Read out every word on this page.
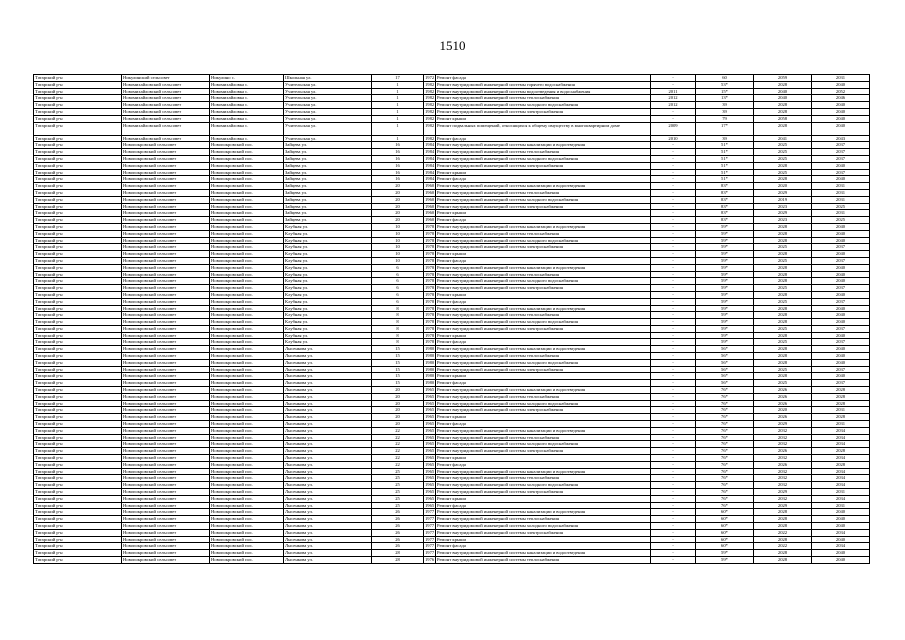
1510
Татарский р-н	Никулинский сельсовет	Никулино с.	Школьная ул.	17	1972	Ремонт фасада	-	60	2059	2031
Татарский р-н	Новомихайловский сельсовет	Новомихайловка с.	Учительская ул.	1	1982	Ремонт внутридомовой инженерной системы горячего водоснабжения	-	53*	2028	2040
Татарский р-н	Новомихайловский сельсовет	Новомихайловка с.	Учительская ул.	1	1982	Ремонт внутридомовой инженерной системы водоотведения и водоснабжения	2011	15*	2040	2052
Татарский р-н	Новомихайловский сельсовет	Новомихайловка с.	Учительская ул.	1	1982	Ремонт внутридомовой инженерной системы теплоснабжения	2012	13*	2040	2046
Татарский р-н	Новомихайловский сельсовет	Новомихайловка с.	Учительская ул.	1	1982	Ремонт внутридомовой инженерной системы холодного водоснабжения	2012	39	2028	2040
Татарский р-н	Новомихайловский сельсовет	Новомихайловка с.	Учительская ул.	1	1982	Ремонт внутридомовой инженерной системы электроснабжения	-	39	2028	2040
Татарский р-н	Новомихайловский сельсовет	Новомихайловка с.	Учительская ул.	1	1982	Ремонт крыши	-	79	2058	2040
Татарский р-н	Новомихайловский сельсовет	Новомихайловка с.	Учительская ул.	1	1982	Ремонт подвальных помещений, относящихся к общему имуществу в многоквартирном доме	2009	17*	2028	2040
Татарский р-н	Новомихайловский сельсовет	Новомихайловка с.	Учительская ул.	1	1982	Ремонт фасада	2010	39	2041	2043
Татарский р-н	Новопокровский сельсовет	Новопокровский пос.	Зайцева ул.	16	1984	Ремонт внутридомовой инженерной системы канализации и водоотведения	-	51*	2025	2037
Татарский р-н	Новопокровский сельсовет	Новопокровский пос.	Зайцева ул.	16	1984	Ремонт внутридомовой инженерной системы теплоснабжения	-	51*	2025	2037
Татарский р-н	Новопокровский сельсовет	Новопокровский пос.	Зайцева ул.	16	1984	Ремонт внутридомовой инженерной системы холодного водоснабжения	-	51*	2025	2037
Татарский р-н	Новопокровский сельсовет	Новопокровский пос.	Зайцева ул.	16	1984	Ремонт внутридомовой инженерной системы электроснабжения	-	51*	2028	2040
Татарский р-н	Новопокровский сельсовет	Новопокровский пос.	Зайцева ул.	16	1984	Ремонт крыши	-	51*	2025	2037
Татарский р-н	Новопокровский сельсовет	Новопокровский пос.	Зайцева ул.	16	1984	Ремонт фасада	-	51*	2028	2040
Татарский р-н	Новопокровский сельсовет	Новопокровский пос.	Зайцева ул.	20	1960	Ремонт внутридомовой инженерной системы канализации и водоотведения	-	83*	2020	2031
Татарский р-н	Новопокровский сельсовет	Новопокровский пос.	Зайцева ул.	20	1960	Ремонт внутридомовой инженерной системы теплоснабжения	-	83*	2029	2031
Татарский р-н	Новопокровский сельсовет	Новопокровский пос.	Зайцева ул.	20	1960	Ремонт внутридомовой инженерной системы холодного водоснабжения	-	83*	2019	2031
Татарский р-н	Новопокровский сельсовет	Новопокровский пос.	Зайцева ул.	20	1960	Ремонт внутридомовой инженерной системы электроснабжения	-	83*	2023	2025
Татарский р-н	Новопокровский сельсовет	Новопокровский пос.	Зайцева ул.	20	1960	Ремонт крыши	-	83*	2029	2031
Татарский р-н	Новопокровский сельсовет	Новопокровский пос.	Зайцева ул.	20	1960	Ремонт фасада	-	83*	2023	2025
Татарский р-н	Новопокровский сельсовет	Новопокровский пос.	Клубная ул.	10	1978	Ремонт внутридомовой инженерной системы канализации и водоотведения	-	59*	2028	2040
Татарский р-н	Новопокровский сельсовет	Новопокровский пос.	Клубная ул.	10	1978	Ремонт внутридомовой инженерной системы теплоснабжения	-	59*	2028	2040
Татарский р-н	Новопокровский сельсовет	Новопокровский пос.	Клубная ул.	10	1978	Ремонт внутридомовой инженерной системы холодного водоснабжения	-	59*	2028	2040
Татарский р-н	Новопокровский сельсовет	Новопокровский пос.	Клубная ул.	10	1978	Ремонт внутридомовой инженерной системы электроснабжения	-	59*	2025	2037
Татарский р-н	Новопокровский сельсовет	Новопокровский пос.	Клубная ул.	10	1978	Ремонт крыши	-	59*	2028	2040
Татарский р-н	Новопокровский сельсовет	Новопокровский пос.	Клубная ул.	10	1978	Ремонт фасада	-	59*	2025	2037
Татарский р-н	Новопокровский сельсовет	Новопокровский пос.	Клубная ул.	6	1978	Ремонт внутридомовой инженерной системы канализации и водоотведения	-	59*	2028	2040
Татарский р-н	Новопокровский сельсовет	Новопокровский пос.	Клубная ул.	6	1978	Ремонт внутридомовой инженерной системы теплоснабжения	-	59*	2028	2040
Татарский р-н	Новопокровский сельсовет	Новопокровский пос.	Клубная ул.	6	1978	Ремонт внутридомовой инженерной системы холодного водоснабжения	-	59*	2028	2040
Татарский р-н	Новопокровский сельсовет	Новопокровский пос.	Клубная ул.	6	1978	Ремонт внутридомовой инженерной системы электроснабжения	-	59*	2025	2037
Татарский р-н	Новопокровский сельсовет	Новопокровский пос.	Клубная ул.	6	1978	Ремонт крыши	-	59*	2028	2040
Татарский р-н	Новопокровский сельсовет	Новопокровский пос.	Клубная ул.	6	1978	Ремонт фасада	-	59*	2025	2037
Татарский р-н	Новопокровский сельсовет	Новопокровский пос.	Клубная ул.	8	1978	Ремонт внутридомовой инженерной системы канализации и водоотведения	-	59*	2028	2040
Татарский р-н	Новопокровский сельсовет	Новопокровский пос.	Клубная ул.	8	1978	Ремонт внутридомовой инженерной системы теплоснабжения	-	59*	2028	2040
Татарский р-н	Новопокровский сельсовет	Новопокровский пос.	Клубная ул.	8	1978	Ремонт внутридомовой инженерной системы холодного водоснабжения	-	59*	2028	2040
Татарский р-н	Новопокровский сельсовет	Новопокровский пос.	Клубная ул.	8	1978	Ремонт внутридомовой инженерной системы электроснабжения	-	59*	2025	2037
Татарский р-н	Новопокровский сельсовет	Новопокровский пос.	Клубная ул.	8	1978	Ремонт крыши	-	59*	2028	2040
Татарский р-н	Новопокровский сельсовет	Новопокровский пос.	Клубная ул.	8	1978	Ремонт фасада	-	59*	2025	2037
Татарский р-н	Новопокровский сельсовет	Новопокровский пос.	Лысенкова ул.	15	1980	Ремонт внутридомовой инженерной системы канализации и водоотведения	-	56*	2028	2040
Татарский р-н	Новопокровский сельсовет	Новопокровский пос.	Лысенкова ул.	15	1980	Ремонт внутридомовой инженерной системы теплоснабжения	-	56*	2028	2040
Татарский р-н	Новопокровский сельсовет	Новопокровский пос.	Лысенкова ул.	15	1980	Ремонт внутридомовой инженерной системы холодного водоснабжения	-	56*	2028	2040
Татарский р-н	Новопокровский сельсовет	Новопокровский пос.	Лысенкова ул.	15	1980	Ремонт внутридомовой инженерной системы электроснабжения	-	56*	2025	2037
Татарский р-н	Новопокровский сельсовет	Новопокровский пос.	Лысенкова ул.	15	1980	Ремонт крыши	-	56*	2028	2040
Татарский р-н	Новопокровский сельсовет	Новопокровский пос.	Лысенкова ул.	15	1980	Ремонт фасада	-	56*	2025	2037
Татарский р-н	Новопокровский сельсовет	Новопокровский пос.	Лысенкова ул.	20	1965	Ремонт внутридомовой инженерной системы канализации и водоотведения	-	76*	2026	2028
Татарский р-н	Новопокровский сельсовет	Новопокровский пос.	Лысенкова ул.	20	1965	Ремонт внутридомовой инженерной системы теплоснабжения	-	76*	2026	2028
Татарский р-н	Новопокровский сельсовет	Новопокровский пос.	Лысенкова ул.	20	1965	Ремонт внутридомовой инженерной системы холодного водоснабжения	-	76*	2026	2028
Татарский р-н	Новопокровский сельсовет	Новопокровский пос.	Лысенкова ул.	20	1965	Ремонт внутридомовой инженерной системы электроснабжения	-	76*	2020	2031
Татарский р-н	Новопокровский сельсовет	Новопокровский пос.	Лысенкова ул.	20	1965	Ремонт крыши	-	76*	2026	2028
Татарский р-н	Новопокровский сельсовет	Новопокровский пос.	Лысенкова ул.	20	1965	Ремонт фасада	-	76*	2029	2031
Татарский р-н	Новопокровский сельсовет	Новопокровский пос.	Лысенкова ул.	22	1965	Ремонт внутридомовой инженерной системы канализации и водоотведения	-	76*	2032	2034
Татарский р-н	Новопокровский сельсовет	Новопокровский пос.	Лысенкова ул.	22	1965	Ремонт внутридомовой инженерной системы теплоснабжения	-	76*	2032	2034
Татарский р-н	Новопокровский сельсовет	Новопокровский пос.	Лысенкова ул.	22	1965	Ремонт внутридомовой инженерной системы холодного водоснабжения	-	76*	2032	2034
Татарский р-н	Новопокровский сельсовет	Новопокровский пос.	Лысенкова ул.	22	1965	Ремонт внутридомовой инженерной системы электроснабжения	-	76*	2026	2028
Татарский р-н	Новопокровский сельсовет	Новопокровский пос.	Лысенкова ул.	22	1965	Ремонт крыши	-	76*	2032	2034
Татарский р-н	Новопокровский сельсовет	Новопокровский пос.	Лысенкова ул.	22	1965	Ремонт фасада	-	76*	2026	2028
Татарский р-н	Новопокровский сельсовет	Новопокровский пос.	Лысенкова ул.	25	1965	Ремонт внутридомовой инженерной системы канализации и водоотведения	-	76*	2032	2034
Татарский р-н	Новопокровский сельсовет	Новопокровский пос.	Лысенкова ул.	25	1965	Ремонт внутридомовой инженерной системы теплоснабжения	-	76*	2032	2034
Татарский р-н	Новопокровский сельсовет	Новопокровский пос.	Лысенкова ул.	25	1965	Ремонт внутридомовой инженерной системы холодного водоснабжения	-	76*	2032	2034
Татарский р-н	Новопокровский сельсовет	Новопокровский пос.	Лысенкова ул.	25	1965	Ремонт внутридомовой инженерной системы электроснабжения	-	76*	2029	2031
Татарский р-н	Новопокровский сельсовет	Новопокровский пос.	Лысенкова ул.	25	1965	Ремонт крыши	-	76*	2032	2034
Татарский р-н	Новопокровский сельсовет	Новопокровский пос.	Лысенкова ул.	25	1965	Ремонт фасада	-	76*	2029	2031
Татарский р-н	Новопокровский сельсовет	Новопокровский пос.	Лысенкова ул.	26	1977	Ремонт внутридомовой инженерной системы канализации и водоотведения	-	60*	2028	2040
Татарский р-н	Новопокровский сельсовет	Новопокровский пос.	Лысенкова ул.	26	1977	Ремонт внутридомовой инженерной системы теплоснабжения	-	60*	2028	2040
Татарский р-н	Новопокровский сельсовет	Новопокровский пос.	Лысенкова ул.	26	1977	Ремонт внутридомовой инженерной системы холодного водоснабжения	-	60*	2028	2040
Татарский р-н	Новопокровский сельсовет	Новопокровский пос.	Лысенкова ул.	26	1977	Ремонт внутридомовой инженерной системы электроснабжения	-	60*	2022	2034
Татарский р-н	Новопокровский сельсовет	Новопокровский пос.	Лысенкова ул.	26	1977	Ремонт крыши	-	60*	2028	2040
Татарский р-н	Новопокровский сельсовет	Новопокровский пос.	Лысенкова ул.	26	1977	Ремонт фасада	-	60*	2022	2034
Татарский р-н	Новопокровский сельсовет	Новопокровский пос.	Лысенкова ул.	28	1977	Ремонт внутридомовой инженерной системы канализации и водоотведения	-	59*	2028	2040
Татарский р-н	Новопокровский сельсовет	Новопокровский пос.	Лысенкова ул.	28	1976	Ремонт внутридомовой инженерной системы теплоснабжения	-	59*	2028	2040
